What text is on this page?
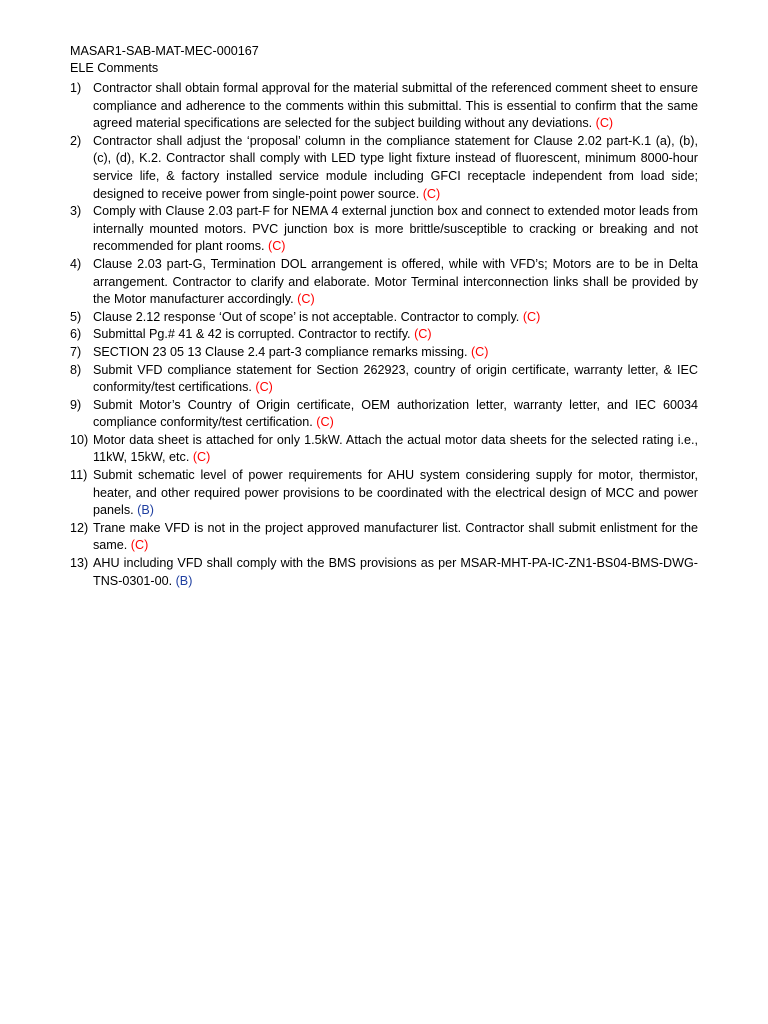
MASAR1-SAB-MAT-MEC-000167
ELE Comments
1) Contractor shall obtain formal approval for the material submittal of the referenced comment sheet to ensure compliance and adherence to the comments within this submittal. This is essential to confirm that the same agreed material specifications are selected for the subject building without any deviations. (C)
2) Contractor shall adjust the ‘proposal’ column in the compliance statement for Clause 2.02 part-K.1 (a), (b), (c), (d), K.2. Contractor shall comply with LED type light fixture instead of fluorescent, minimum 8000-hour service life, & factory installed service module including GFCI receptacle independent from load side; designed to receive power from single-point power source. (C)
3) Comply with Clause 2.03 part-F for NEMA 4 external junction box and connect to extended motor leads from internally mounted motors. PVC junction box is more brittle/susceptible to cracking or breaking and not recommended for plant rooms. (C)
4) Clause 2.03 part-G, Termination DOL arrangement is offered, while with VFD’s; Motors are to be in Delta arrangement. Contractor to clarify and elaborate. Motor Terminal interconnection links shall be provided by the Motor manufacturer accordingly. (C)
5) Clause 2.12 response ‘Out of scope’ is not acceptable. Contractor to comply. (C)
6) Submittal Pg.# 41 & 42 is corrupted. Contractor to rectify. (C)
7) SECTION 23 05 13 Clause 2.4 part-3 compliance remarks missing. (C)
8) Submit VFD compliance statement for Section 262923, country of origin certificate, warranty letter, & IEC conformity/test certifications. (C)
9) Submit Motor’s Country of Origin certificate, OEM authorization letter, warranty letter, and IEC 60034 compliance conformity/test certification. (C)
10) Motor data sheet is attached for only 1.5kW. Attach the actual motor data sheets for the selected rating i.e., 11kW, 15kW, etc. (C)
11) Submit schematic level of power requirements for AHU system considering supply for motor, thermistor, heater, and other required power provisions to be coordinated with the electrical design of MCC and power panels. (B)
12) Trane make VFD is not in the project approved manufacturer list. Contractor shall submit enlistment for the same. (C)
13) AHU including VFD shall comply with the BMS provisions as per MSAR-MHT-PA-IC-ZN1-BS04-BMS-DWG-TNS-0301-00. (B)
